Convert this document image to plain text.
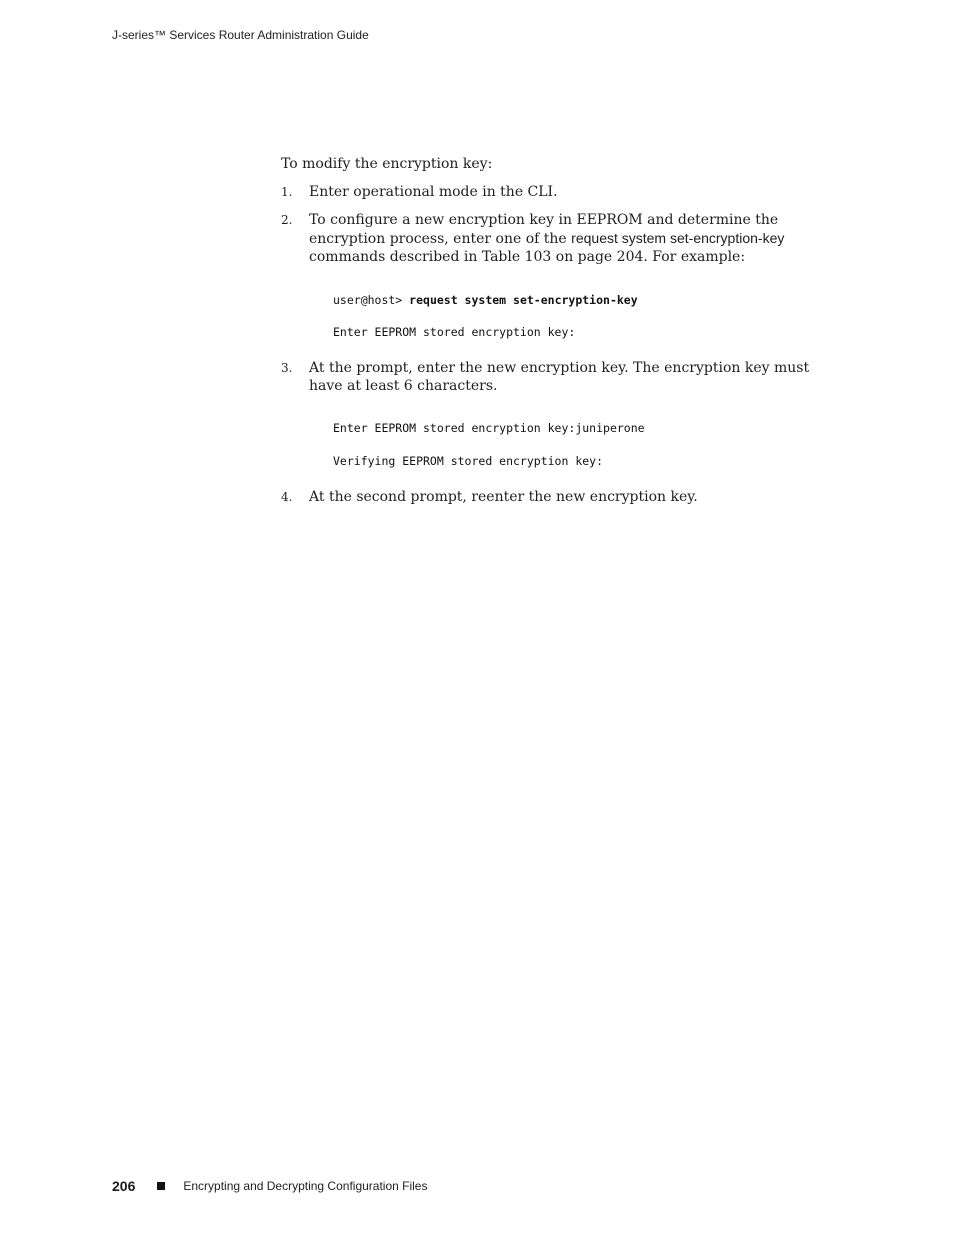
J-series™ Services Router Administration Guide

To modify the encryption key:

1. Enter operational mode in the CLI.
2. To configure a new encryption key in EEPROM and determine the encryption process, enter one of the request system set-encryption-key commands described in Table 103 on page 204. For example:
user@host> request system set-encryption-key
Enter EEPROM stored encryption key:
3. At the prompt, enter the new encryption key. The encryption key must have at least 6 characters.
Enter EEPROM stored encryption key:juniperone
Verifying EEPROM stored encryption key:
4. At the second prompt, reenter the new encryption key.
206	Encrypting and Decrypting Configuration Files
